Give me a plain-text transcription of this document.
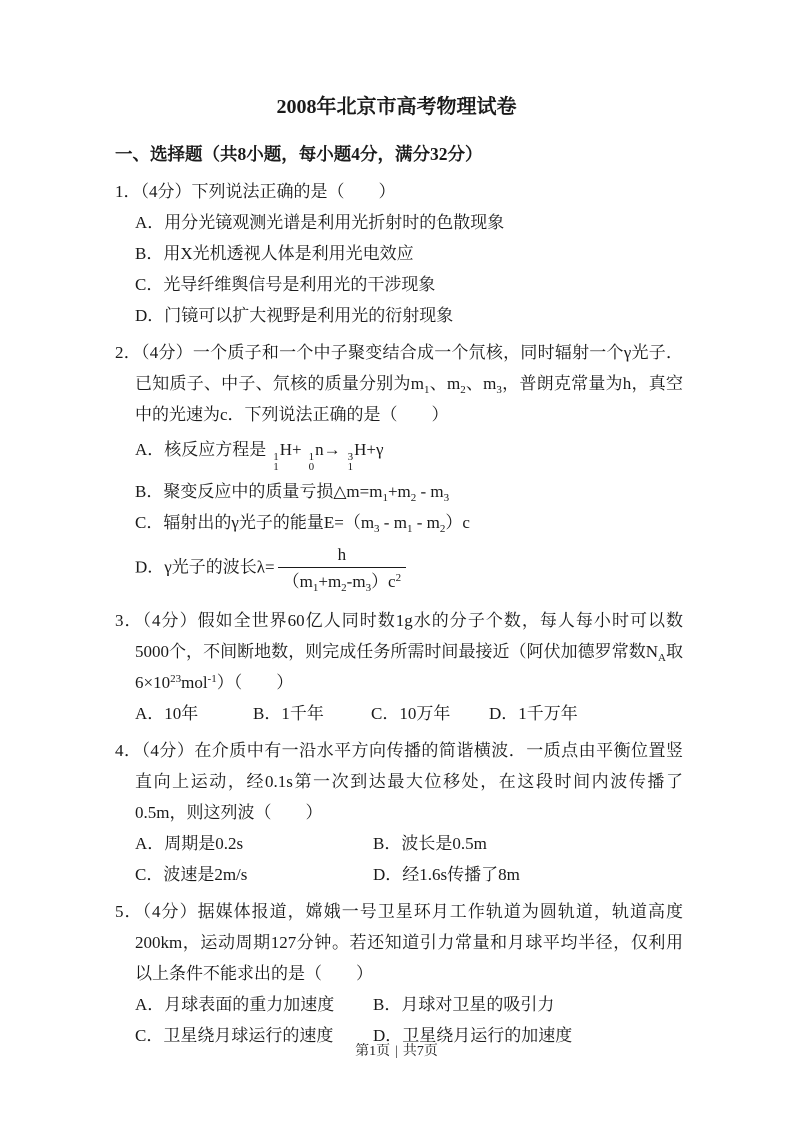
2008年北京市高考物理试卷
一、选择题（共8小题，每小题4分，满分32分）
1．（4分）下列说法正确的是（　　）
A．用分光镜观测光谱是利用光折射时的色散现象
B．用X光机透视人体是利用光电效应
C．光导纤维舆信号是利用光的干涉现象
D．门镜可以扩大视野是利用光的衍射现象
2．（4分）一个质子和一个中子聚变结合成一个氘核，同时辐射一个γ光子．已知质子、中子、氘核的质量分别为$m_1$、$m_2$、$m_3$，普朗克常量为h，真空中的光速为c．下列说法正确的是（　　）
A．核反应方程是 1
1
H+ 1
0
n→ 3
1
H+γ
B．聚变反应中的质量亏损$\triangle m=m_1+m_2 - m_3$
C．辐射出的γ光子的能量$E=(m_3 - m_1 - m_2)c$
D．γ光子的波长$\lambda= \frac{h}{(m_1+m_2-m_3)c^2}$
3．（4分）假如全世界60亿人同时数1g水的分子个数，每人每小时可以数5000个，不间断地数，则完成任务所需时间最接近（阿伏加德罗常数$N_A$取$6\times 10^{23}mol^{-1}$）（　　）
A．10年	B．1千年	C．10万年	D．1千万年
4．（4分）在介质中有一沿水平方向传播的简谐横波．一质点由平衡位置竖直向上运动，经0.1s第一次到达最大位移处，在这段时间内波传播了0.5m，则这列波（　　）
A．周期是0.2s	B．波长是0.5m
C．波速是2m/s	D．经1.6s传播了8m
5．（4分）据媒体报道，嫦娥一号卫星环月工作轨道为圆轨道，轨道高度200km，运动周期127分钟。若还知道引力常量和月球平均半径，仅利用以上条件不能求出的是（　　）
A．月球表面的重力加速度	B．月球对卫星的吸引力
C．卫星绕月球运行的速度	D．卫星绕月运行的加速度
第1页 | 共7页
